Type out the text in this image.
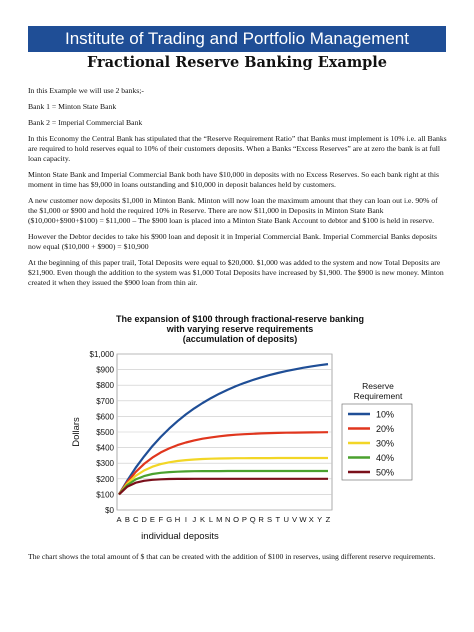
Institute of Trading and Portfolio Management
Fractional Reserve Banking Example

In this Example we will use 2 banks;-

Bank 1 = Minton State Bank

Bank 2 = Imperial Commercial Bank

In this Economy the Central Bank has stipulated that the “Reserve Requirement Ratio” that Banks must implement is 10% i.e. all Banks are required to hold reserves equal to 10% of their customers deposits. When a Banks “Excess Reserves” are at zero the bank is at full loan capacity.

Minton State Bank and Imperial Commercial Bank both have $10,000 in deposits with no Excess Reserves. So each bank right at this moment in time has $9,000 in loans outstanding and $10,000 in deposit balances held by customers.

A new customer now deposits $1,000 in Minton Bank. Minton will now loan the maximum amount that they can loan out i.e. 90% of the $1,000 or $900 and hold the required 10% in Reserve. There are now $11,000 in Deposits in Minton State Bank ($10,000+$900+$100) = $11,000 – The $900 loan is placed into a Minton State Bank Account to debtor and $100 is held in reserve.

However the Debtor decides to take his $900 loan and deposit it in Imperial Commercial Bank. Imperial Commercial Banks deposits now equal ($10,000 + $900) = $10,900

At the beginning of this paper trail, Total Deposits were equal to $20,000. $1,000 was added to the system and now Total Deposits are $21,900. Even though the addition to the system was $1,000 Total Deposits have increased by $1,900. The $900 is new money. Minton created it when they issued the $900 loan from thin air.

The expansion of $100 through fractional-reserve banking
with varying reserve requirements
(accumulation of deposits)
$0
$100
$200
$300
$400
$500
$600
$700
$800
$900
$1,000
A B C D E F G H I J K L M N O P Q R S T U V W X Y Z
individual deposits
Dollars
Reserve
Requirement
10%
20%
30%
40%
50%
The chart shows the total amount of $ that can be created with the addition of $100 in reserves, using different reserve requirements.
